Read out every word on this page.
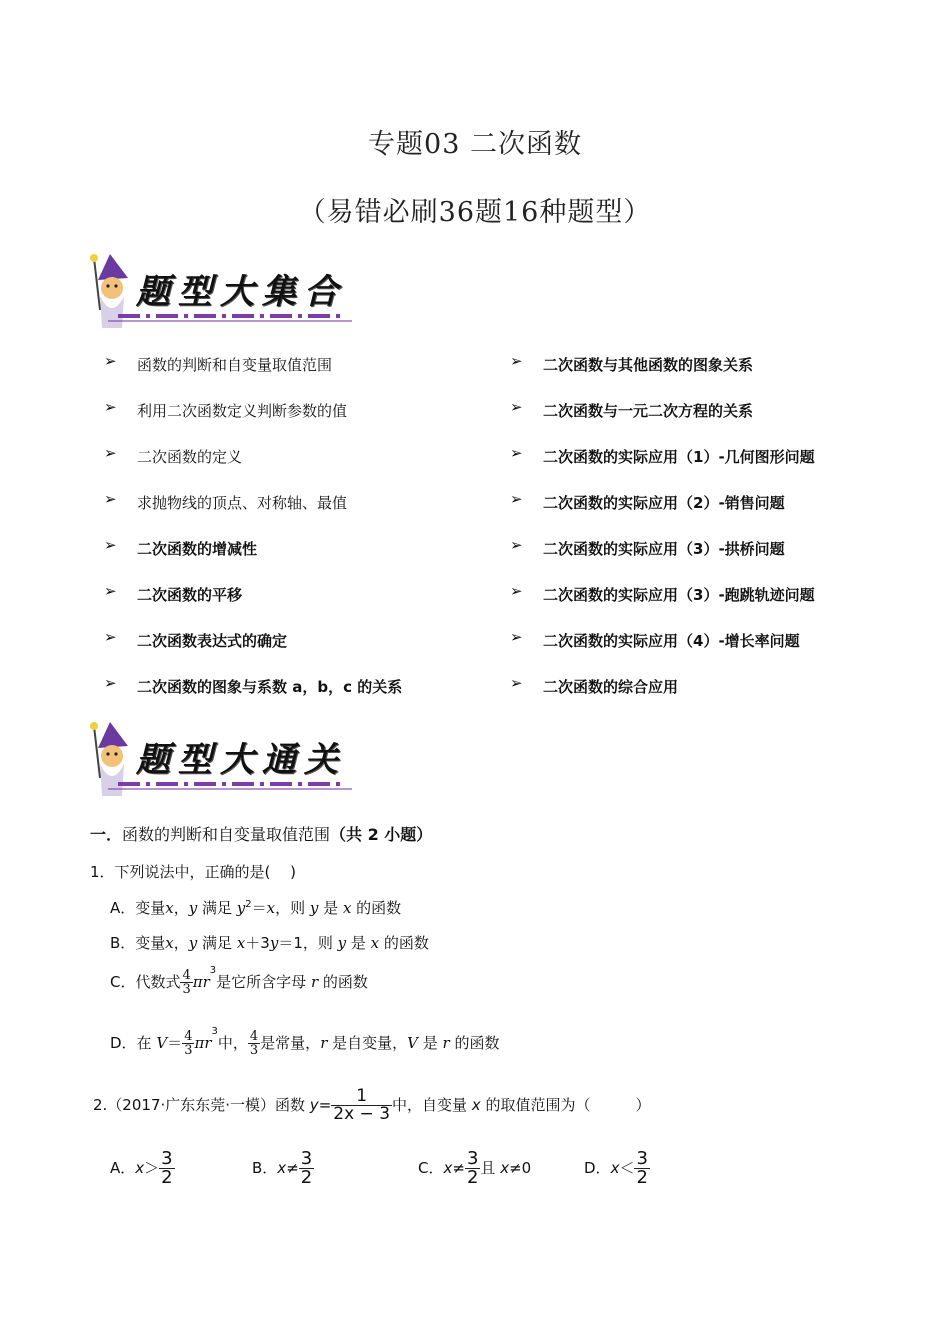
专题03 二次函数
（易错必刷36题16种题型）
题型大集合
➢ 函数的判断和自变量取值范围
➢ 利用二次函数定义判断参数的值
➢ 二次函数的定义
➢ 求抛物线的顶点、对称轴、最值
➢ 二次函数的增减性
➢ 二次函数的平移
➢ 二次函数表达式的确定
➢ 二次函数的图象与系数 a，b，c 的关系
➢ 二次函数与其他函数的图象关系
➢ 二次函数与一元二次方程的关系
➢ 二次函数的实际应用（1）-几何图形问题
➢ 二次函数的实际应用（2）-销售问题
➢ 二次函数的实际应用（3）-拱桥问题
➢ 二次函数的实际应用（3）-跑跳轨迹问题
➢ 二次函数的实际应用（4）-增长率问题
➢ 二次函数的综合应用
题型大通关
一．函数的判断和自变量取值范围（共 2 小题）
1．下列说法中，正确的是(　 )
A．变量x，y 满足 $y^2=x$，则 y 是 x 的函数
B．变量x，y 满足 x＋3y＝1，则 y 是 x 的函数
C．代数式 $\frac{4}{3} \pi r^3$是它所含字母 r 的函数
D．在 $V= \frac{4}{3} \pi r^3$中， $\frac{4}{3}$ 是常量，r 是自变量，V 是 r 的函数
2.（2017·广东东莞·一模）函数 $y= \frac{1}{2x - 3}$ 中，自变量 x 的取值范围为（　　　）
A．$x> \frac{3}{2}$	B．$x\ne \frac{3}{2}$	C．$x\ne \frac{3}{2}$ 且 x≠0	D．$x< \frac{3}{2}$
